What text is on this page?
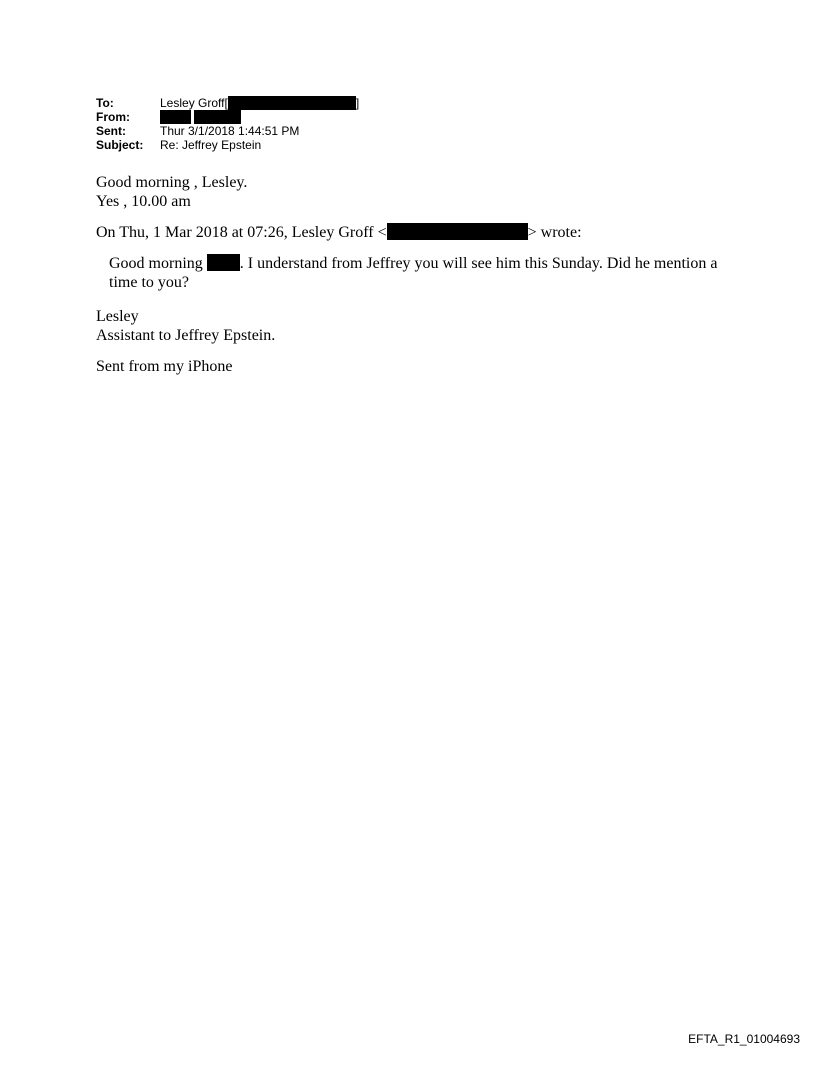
To:	Lesley Groff [	]
From:
Sent:	Thur 3/1/2018 1:44:51 PM
Subject:	Re: Jeffrey Epstein
Good morning , Lesley.
Yes , 10.00 am
On Thu, 1 Mar 2018 at 07:26, Lesley Groff <	> wrote:
Good morning . I understand from Jeffrey you will see him this Sunday. Did he mention a time to you?
Lesley
Assistant to Jeffrey Epstein.
Sent from my iPhone
EFTA_R1_01004693
